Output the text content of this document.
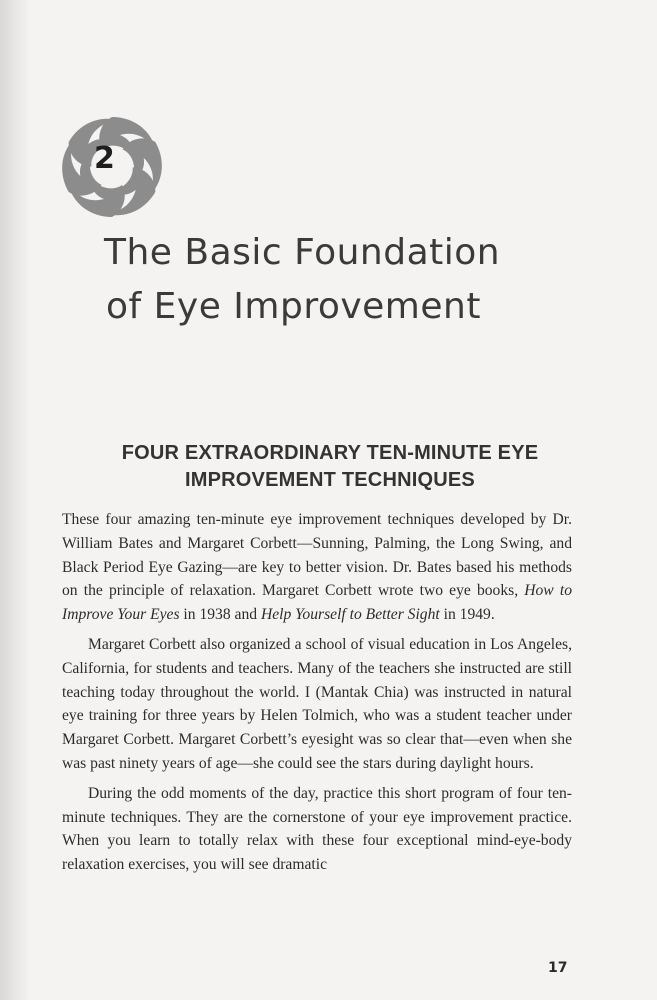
2
The Basic Foundation
of Eye Improvement
FOUR EXTRAORDINARY TEN-MINUTE EYE
IMPROVEMENT TECHNIQUES

These four amazing ten-minute eye improvement techniques developed by Dr. William Bates and Margaret Corbett—Sunning, Palming, the Long Swing, and Black Period Eye Gazing—are key to better vision. Dr. Bates based his methods on the principle of relaxation. Margaret Corbett wrote two eye books, How to Improve Your Eyes in 1938 and Help Yourself to Better Sight in 1949.

Margaret Corbett also organized a school of visual education in Los Angeles, California, for students and teachers. Many of the teachers she instructed are still teaching today throughout the world. I (Mantak Chia) was instructed in natural eye training for three years by Helen Tolmich, who was a student teacher under Margaret Corbett. Margaret Corbett’s eyesight was so clear that—even when she was past ninety years of age—she could see the stars during daylight hours.

During the odd moments of the day, practice this short program of four ten-minute techniques. They are the cornerstone of your eye improvement practice. When you learn to totally relax with these four exceptional mind-eye-body relaxation exercises, you will see dramatic

17
